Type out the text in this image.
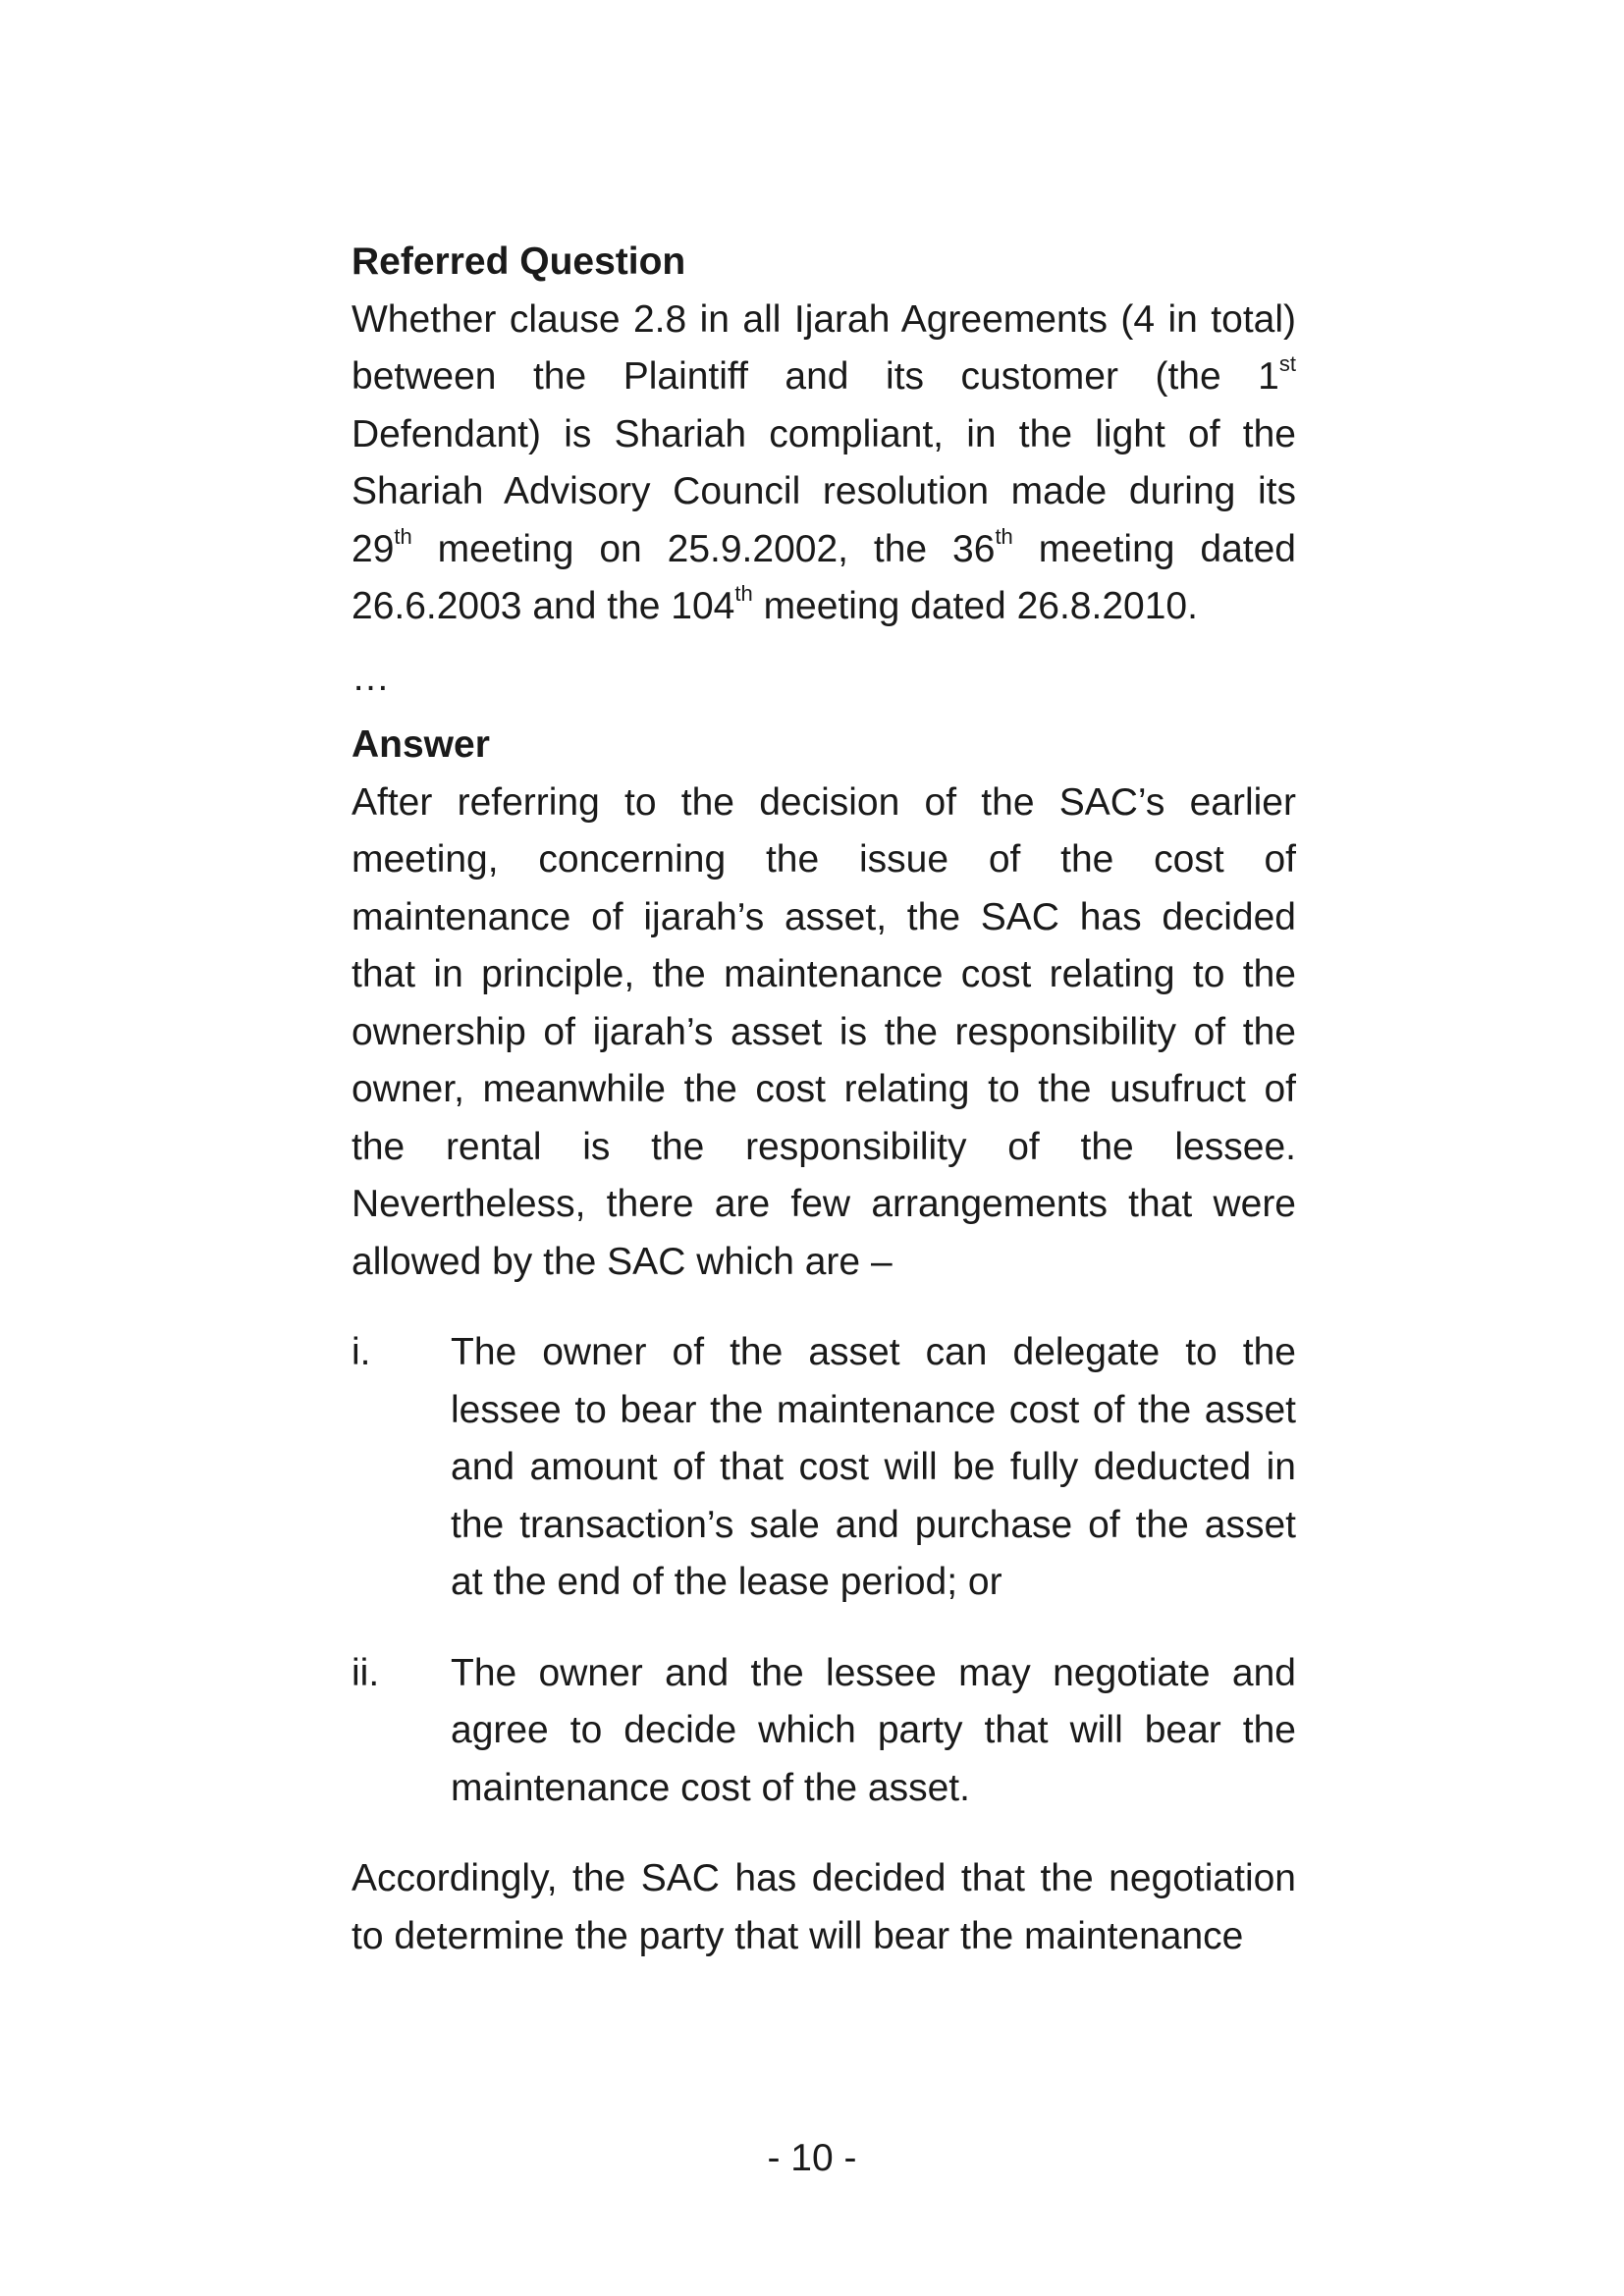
Referred Question

Whether clause 2.8 in all Ijarah Agreements (4 in total) between the Plaintiff and its customer (the 1st Defendant) is Shariah compliant, in the light of the Shariah Advisory Council resolution made during its 29th meeting on 25.9.2002, the 36th meeting dated 26.6.2003 and the 104th meeting dated 26.8.2010.

…

Answer

After referring to the decision of the SAC’s earlier meeting, concerning the issue of the cost of maintenance of ijarah’s asset, the SAC has decided that in principle, the maintenance cost relating to the ownership of ijarah’s asset is the responsibility of the owner, meanwhile the cost relating to the usufruct of the rental is the responsibility of the lessee. Nevertheless, there are few arrangements that were allowed by the SAC which are –

i.	The owner of the asset can delegate to the lessee to bear the maintenance cost of the asset and amount of that cost will be fully deducted in the transaction’s sale and purchase of the asset at the end of the lease period; or
ii.	The owner and the lessee may negotiate and agree to decide which party that will bear the maintenance cost of the asset.

Accordingly, the SAC has decided that the negotiation to determine the party that will bear the maintenance

- 10 -
